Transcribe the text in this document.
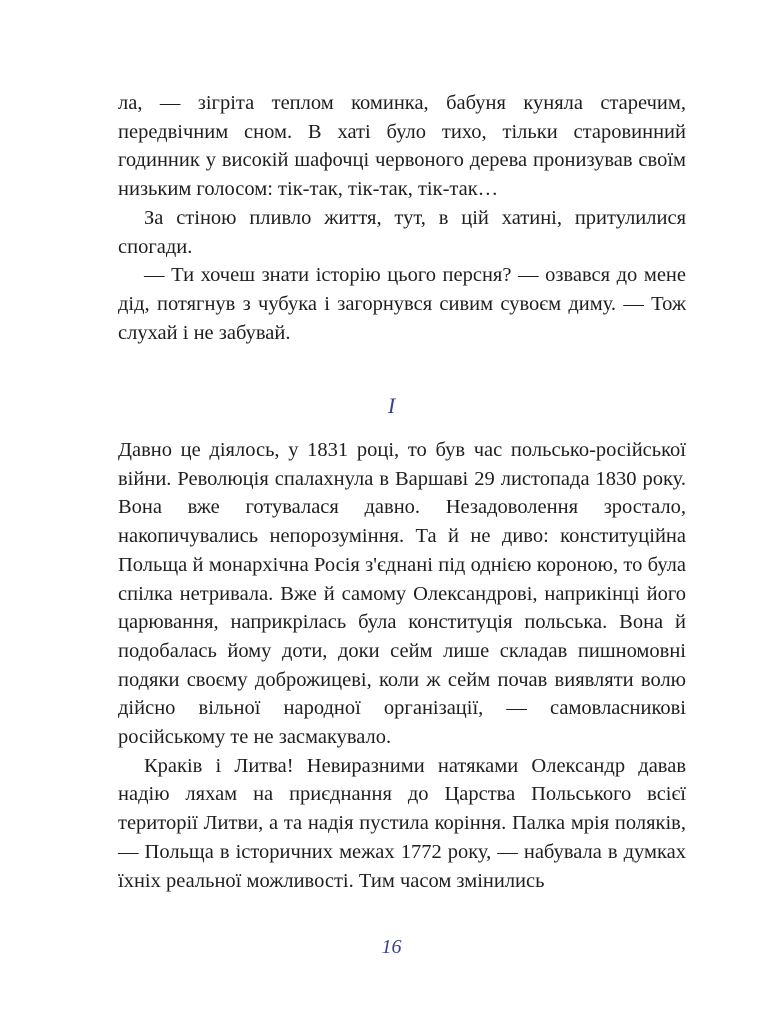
ла, — зігріта теплом коминка, бабуня куняла старечим, передвічним сном. В хаті було тихо, тільки старовинний годинник у високій шафочці червоного дерева пронизував своїм низьким голосом: тік-так, тік-так, тік-так…

За стіною пливло життя, тут, в цій хатині, притулилися спогади.

— Ти хочеш знати історію цього персня? — озвався до мене дід, потягнув з чубука і загорнувся сивим сувоєм диму. — Тож слухай і не забувай.

I

Давно це діялось, у 1831 році, то був час польсько-російської війни. Революція спалахнула в Варшаві 29 листопада 1830 року. Вона вже готувалася давно. Незадоволення зростало, накопичувались непорозуміння. Та й не диво: конституційна Польща й монархічна Росія з'єднані під однією короною, то була спілка нетривала. Вже й самому Олександрові, наприкінці його царювання, наприкрілась була конституція польська. Вона й подобалась йому доти, доки сейм лише складав пишномовні подяки своєму доброжицеві, коли ж сейм почав виявляти волю дійсно вільної народної організації, — самовласникові російському те не засмакувало.

Краків і Литва! Невиразними натяками Олександр давав надію ляхам на приєднання до Царства Польського всієї території Литви, а та надія пустила коріння. Палка мрія поляків, — Польща в історичних межах 1772 року, — набувала в думках їхніх реальної можливості. Тим часом змінились

16
